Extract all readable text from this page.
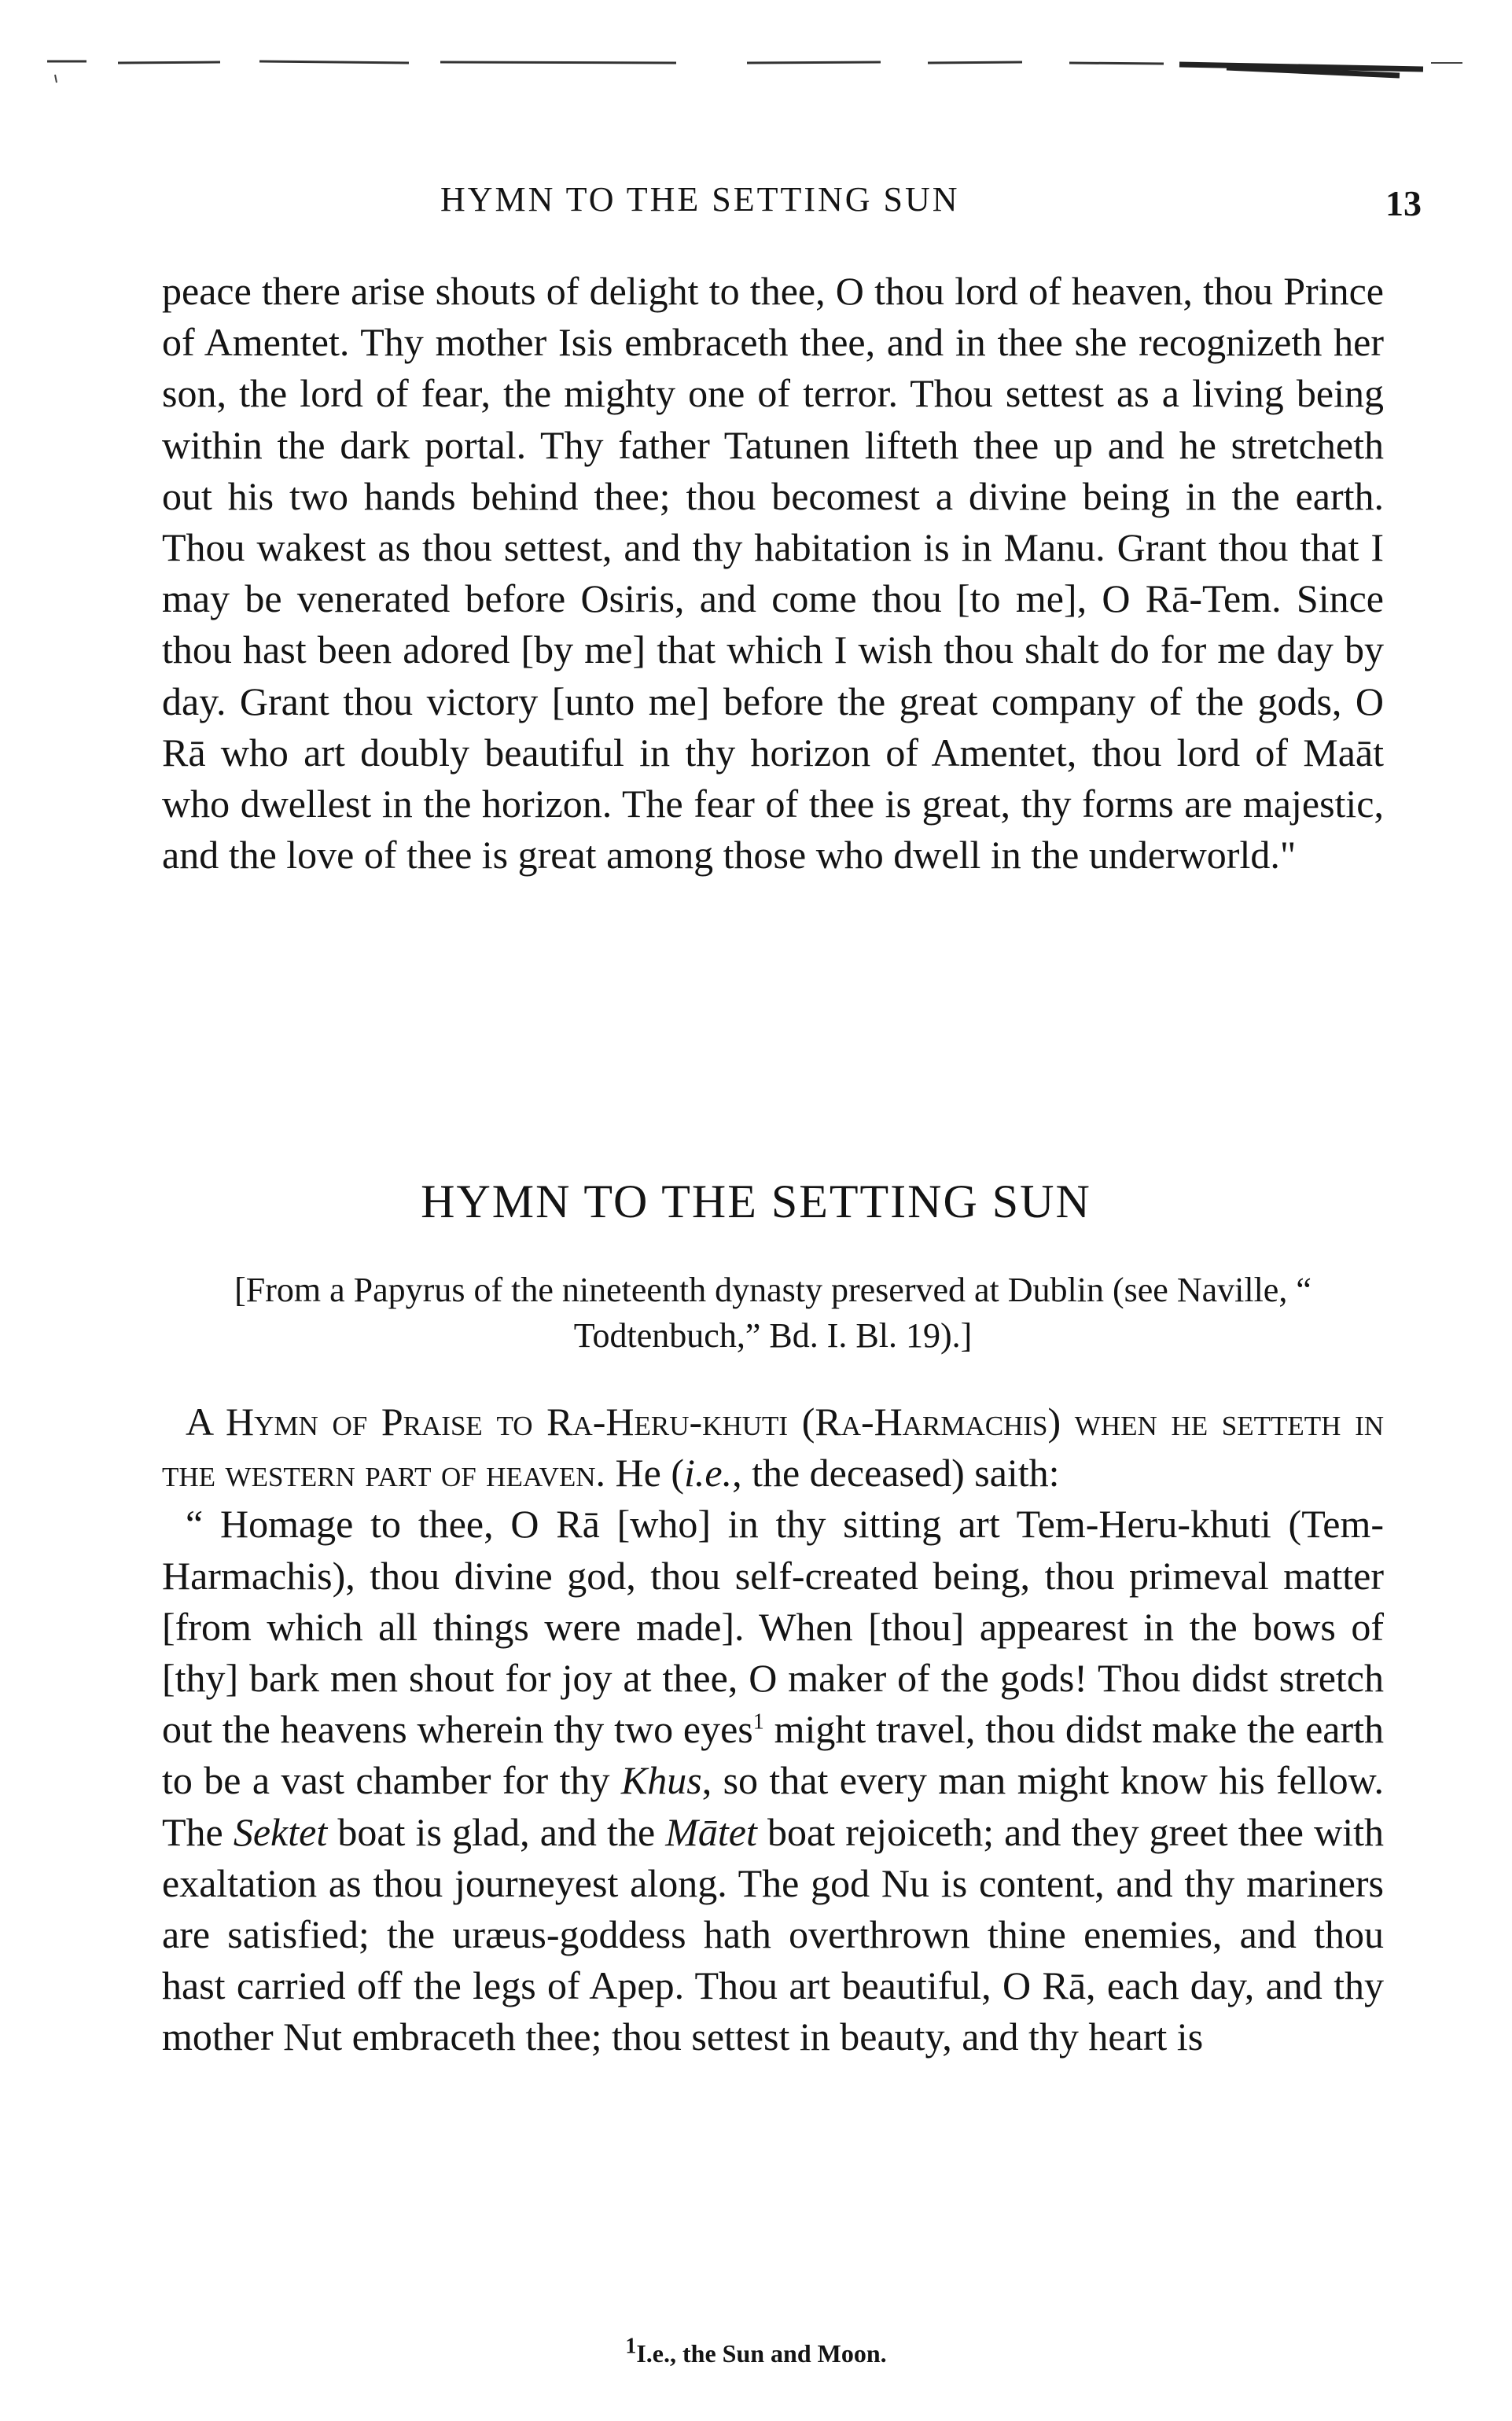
HYMN TO THE SETTING SUN	13

peace there arise shouts of delight to thee, O thou lord of heaven, thou Prince of Amentet. Thy mother Isis embraceth thee, and in thee she recognizeth her son, the lord of fear, the mighty one of terror. Thou settest as a living being within the dark portal. Thy father Tatunen lifteth thee up and he stretcheth out his two hands behind thee; thou becomest a divine being in the earth. Thou wakest as thou settest, and thy habitation is in Manu. Grant thou that I may be venerated before Osiris, and come thou [to me], O Rā-Tem. Since thou hast been adored [by me] that which I wish thou shalt do for me day by day. Grant thou victory [unto me] before the great company of the gods, O Rā who art doubly beautiful in thy horizon of Amentet, thou lord of Maāt who dwellest in the horizon. The fear of thee is great, thy forms are majestic, and the love of thee is great among those who dwell in the underworld."

HYMN TO THE SETTING SUN
[From a Papyrus of the nineteenth dynasty preserved at Dublin (see Naville, “ Todtenbuch,” Bd. I. Bl. 19).]

A Hymn of Praise to Ra-Heru-khuti (Ra-Harmachis) when he setteth in the western part of heaven. He (i.e., the deceased) saith:

“ Homage to thee, O Rā [who] in thy sitting art Tem-Heru-khuti (Tem-Harmachis), thou divine god, thou self-created being, thou primeval matter [from which all things were made]. When [thou] appearest in the bows of [thy] bark men shout for joy at thee, O maker of the gods! Thou didst stretch out the heavens wherein thy two eyes$^1$ might travel, thou didst make the earth to be a vast chamber for thy Khus, so that every man might know his fellow. The Sektet boat is glad, and the Mātet boat rejoiceth; and they greet thee with exaltation as thou journeyest along. The god Nu is content, and thy mariners are satisfied; the uræus-goddess hath overthrown thine enemies, and thou hast carried off the legs of Apep. Thou art beautiful, O Rā, each day, and thy mother Nut embraceth thee; thou settest in beauty, and thy heart is

$^1$I.e., the Sun and Moon.
